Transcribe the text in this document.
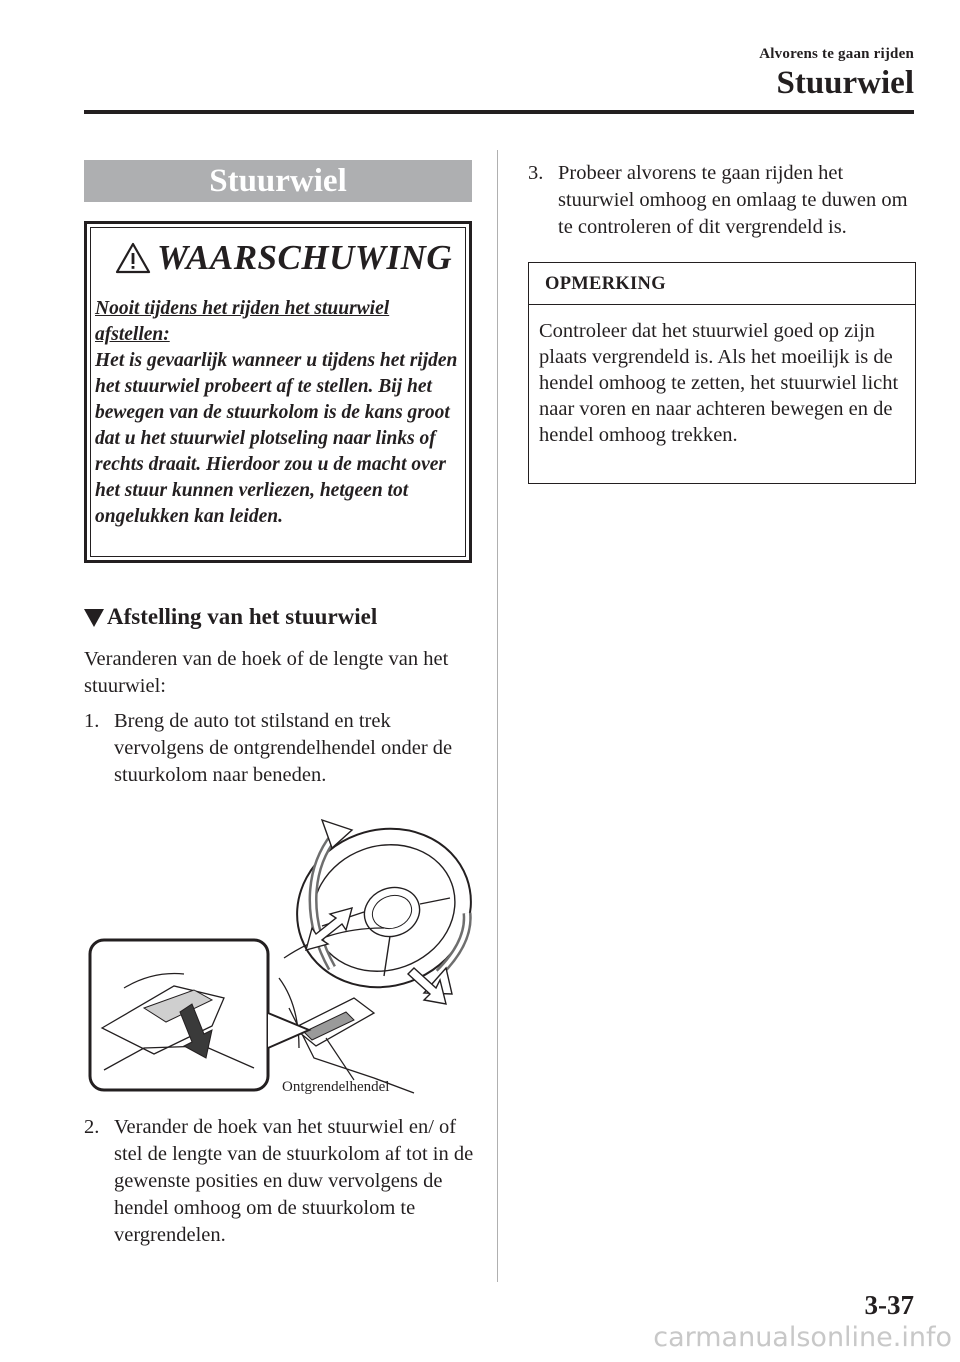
Alvorens te gaan rijden
Stuurwiel
Stuurwiel
WAARSCHUWING
Nooit tijdens het rijden het stuurwiel afstellen:
Het is gevaarlijk wanneer u tijdens het rijden het stuurwiel probeert af te stellen. Bij het bewegen van de stuurkolom is de kans groot dat u het stuurwiel plotseling naar links of rechts draait. Hierdoor zou u de macht over het stuur kunnen verliezen, hetgeen tot ongelukken kan leiden.
Afstelling van het stuurwiel
Veranderen van de hoek of de lengte van het stuurwiel:
1. Breng de auto tot stilstand en trek vervolgens de ontgrendelhendel onder de stuurkolom naar beneden.
Ontgrendelhendel
2. Verander de hoek van het stuurwiel en/ of stel de lengte van de stuurkolom af tot in de gewenste posities en duw vervolgens de hendel omhoog om de stuurkolom te vergrendelen.
3. Probeer alvorens te gaan rijden het stuurwiel omhoog en omlaag te duwen om te controleren of dit vergrendeld is.
OPMERKING
Controleer dat het stuurwiel goed op zijn plaats vergrendeld is. Als het moeilijk is de hendel omhoog te zetten, het stuurwiel licht naar voren en naar achteren bewegen en de hendel omhoog trekken.
3-37
carmanualsonline.info
